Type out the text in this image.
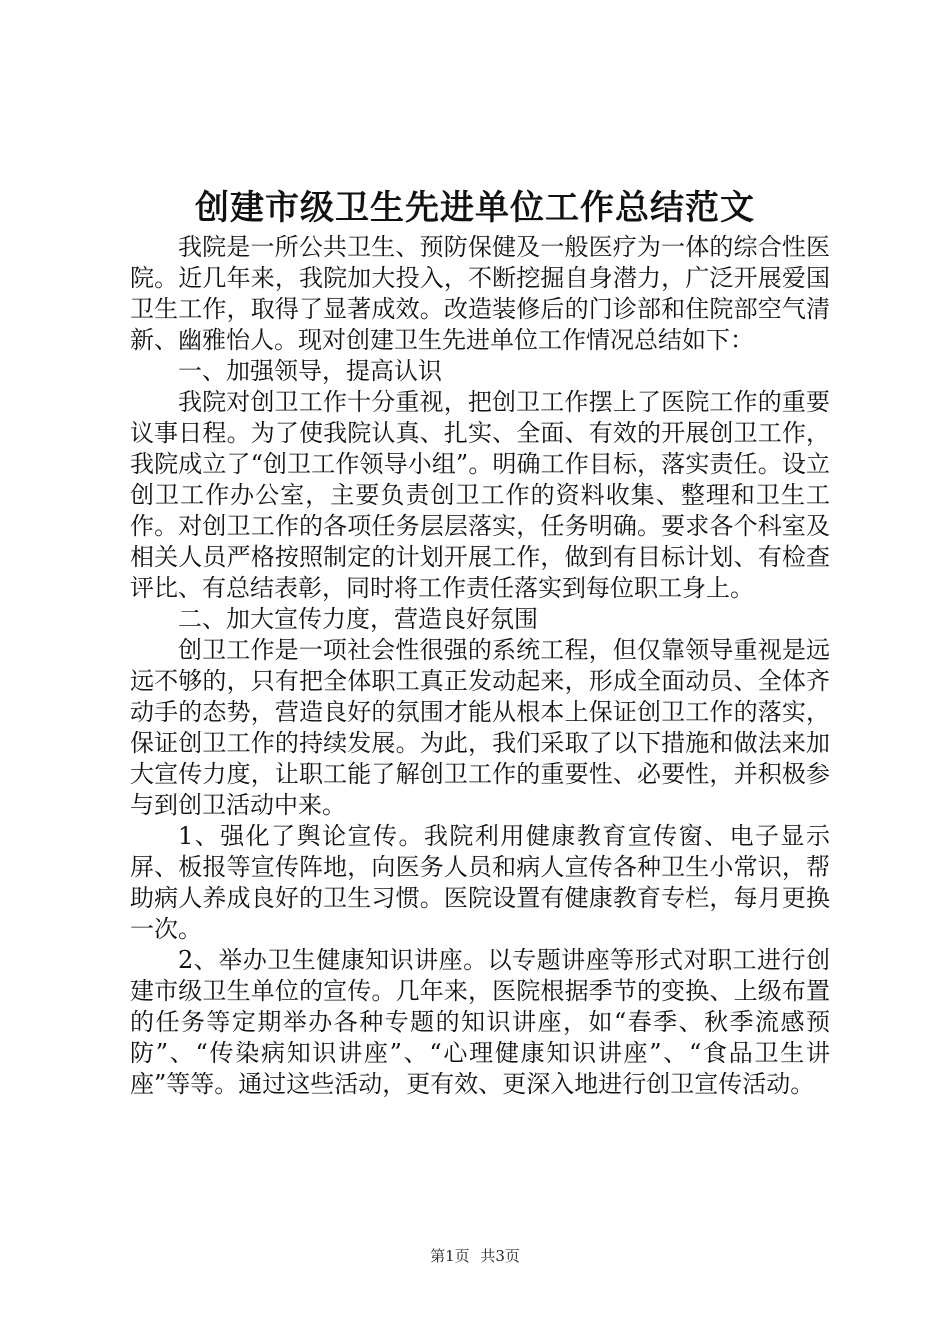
创建市级卫生先进单位工作总结范文

我院是一所公共卫生、预防保健及一般医疗为一体的综合性医院。近几年来，我院加大投入，不断挖掘自身潜力，广泛开展爱国卫生工作，取得了显著成效。改造装修后的门诊部和住院部空气清新、幽雅怡人。现对创建卫生先进单位工作情况总结如下：

一、加强领导，提高认识

我院对创卫工作十分重视，把创卫工作摆上了医院工作的重要议事日程。为了使我院认真、扎实、全面、有效的开展创卫工作，我院成立了“创卫工作领导小组”。明确工作目标，落实责任。设立创卫工作办公室，主要负责创卫工作的资料收集、整理和卫生工作。对创卫工作的各项任务层层落实，任务明确。要求各个科室及相关人员严格按照制定的计划开展工作，做到有目标计划、有检查评比、有总结表彰，同时将工作责任落实到每位职工身上。

二、加大宣传力度，营造良好氛围

创卫工作是一项社会性很强的系统工程，但仅靠领导重视是远远不够的，只有把全体职工真正发动起来，形成全面动员、全体齐动手的态势，营造良好的氛围才能从根本上保证创卫工作的落实，保证创卫工作的持续发展。为此，我们采取了以下措施和做法来加大宣传力度，让职工能了解创卫工作的重要性、必要性，并积极参与到创卫活动中来。

1、强化了舆论宣传。我院利用健康教育宣传窗、电子显示屏、板报等宣传阵地，向医务人员和病人宣传各种卫生小常识，帮助病人养成良好的卫生习惯。医院设置有健康教育专栏，每月更换一次。

2、举办卫生健康知识讲座。以专题讲座等形式对职工进行创建市级卫生单位的宣传。几年来，医院根据季节的变换、上级布置的任务等定期举办各种专题的知识讲座，如“春季、秋季流感预防”、“传染病知识讲座”、“心理健康知识讲座”、“食品卫生讲座”等等。通过这些活动，更有效、更深入地进行创卫宣传活动。

第1页 共3页
